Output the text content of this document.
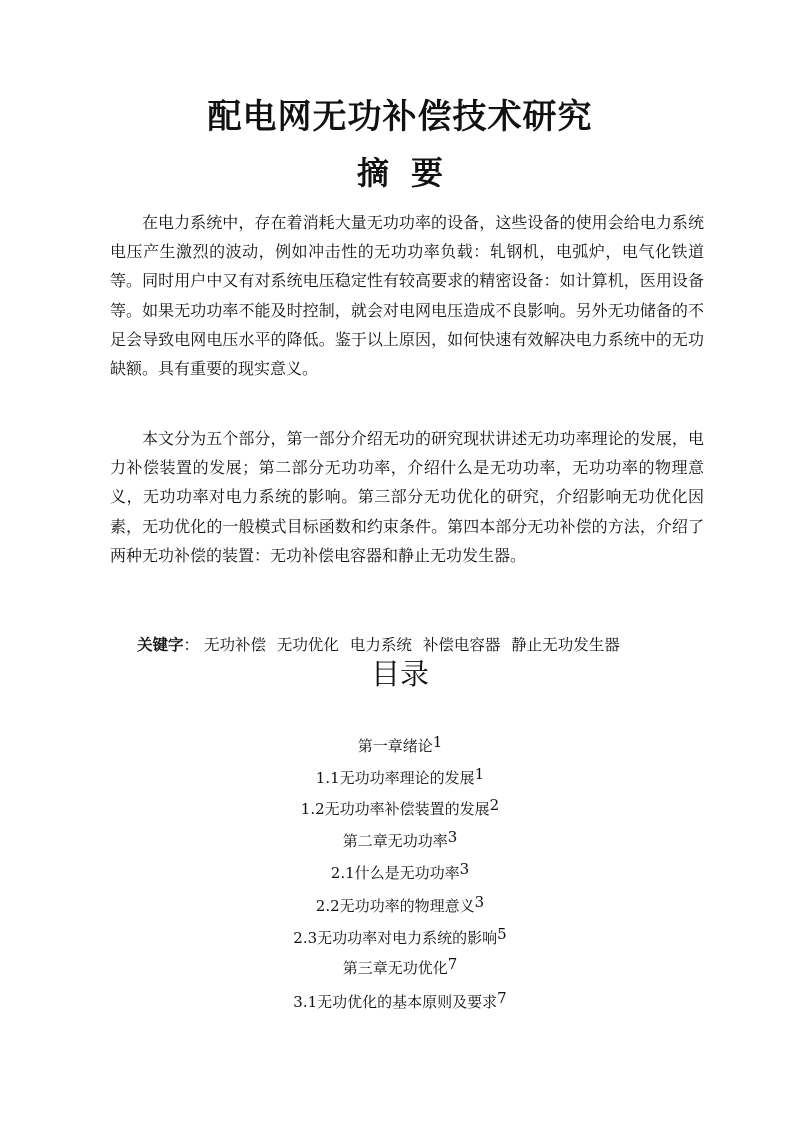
配电网无功补偿技术研究
摘要

在电力系统中，存在着消耗大量无功功率的设备，这些设备的使用会给电力系统电压产生激烈的波动，例如冲击性的无功功率负载：轧钢机，电弧炉，电气化铁道等。同时用户中又有对系统电压稳定性有较高要求的精密设备：如计算机，医用设备等。如果无功功率不能及时控制，就会对电网电压造成不良影响。另外无功储备的不足会导致电网电压水平的降低。鉴于以上原因，如何快速有效解决电力系统中的无功缺额。具有重要的现实意义。

本文分为五个部分，第一部分介绍无功的研究现状讲述无功功率理论的发展，电力补偿装置的发展；第二部分无功功率，介绍什么是无功功率，无功功率的物理意义，无功功率对电力系统的影响。第三部分无功优化的研究，介绍影响无功优化因素，无功优化的一般模式目标函数和约束条件。第四本部分无功补偿的方法，介绍了两种无功补偿的装置：无功补偿电容器和静止无功发生器。

关键字： 无功补偿 无功优化 电力系统 补偿电容器 静止无功发生器
目录
第一章绪论1
1.1无功功率理论的发展1
1.2无功功率补偿装置的发展2
第二章无功功率3
2.1什么是无功功率3
2.2无功功率的物理意义3
2.3无功功率对电力系统的影响5
第三章无功优化7
3.1无功优化的基本原则及要求7
